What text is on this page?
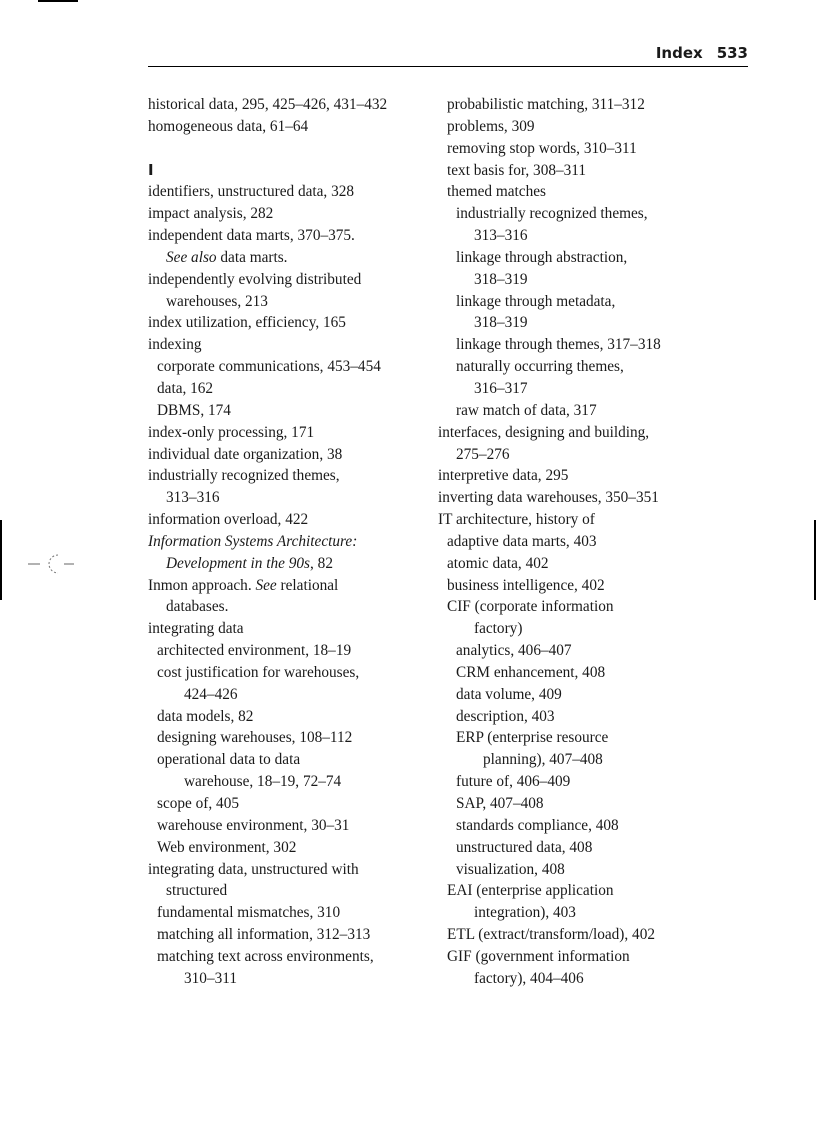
Index 533
historical data, 295, 425–426, 431–432
homogeneous data, 61–64
I
identifiers, unstructured data, 328
impact analysis, 282
independent data marts, 370–375.
See also data marts.
independently evolving distributed
warehouses, 213
index utilization, efficiency, 165
indexing
corporate communications, 453–454
data, 162
DBMS, 174
index-only processing, 171
individual date organization, 38
industrially recognized themes,
313–316
information overload, 422
Information Systems Architecture:
Development in the 90s, 82
Inmon approach. See relational
databases.
integrating data
architected environment, 18–19
cost justification for warehouses,
424–426
data models, 82
designing warehouses, 108–112
operational data to data
warehouse, 18–19, 72–74
scope of, 405
warehouse environment, 30–31
Web environment, 302
integrating data, unstructured with
structured
fundamental mismatches, 310
matching all information, 312–313
matching text across environments,
310–311
probabilistic matching, 311–312
problems, 309
removing stop words, 310–311
text basis for, 308–311
themed matches
industrially recognized themes,
313–316
linkage through abstraction,
318–319
linkage through metadata,
318–319
linkage through themes, 317–318
naturally occurring themes,
316–317
raw match of data, 317
interfaces, designing and building,
275–276
interpretive data, 295
inverting data warehouses, 350–351
IT architecture, history of
adaptive data marts, 403
atomic data, 402
business intelligence, 402
CIF (corporate information
factory)
analytics, 406–407
CRM enhancement, 408
data volume, 409
description, 403
ERP (enterprise resource
planning), 407–408
future of, 406–409
SAP, 407–408
standards compliance, 408
unstructured data, 408
visualization, 408
EAI (enterprise application
integration), 403
ETL (extract/transform/load), 402
GIF (government information
factory), 404–406
